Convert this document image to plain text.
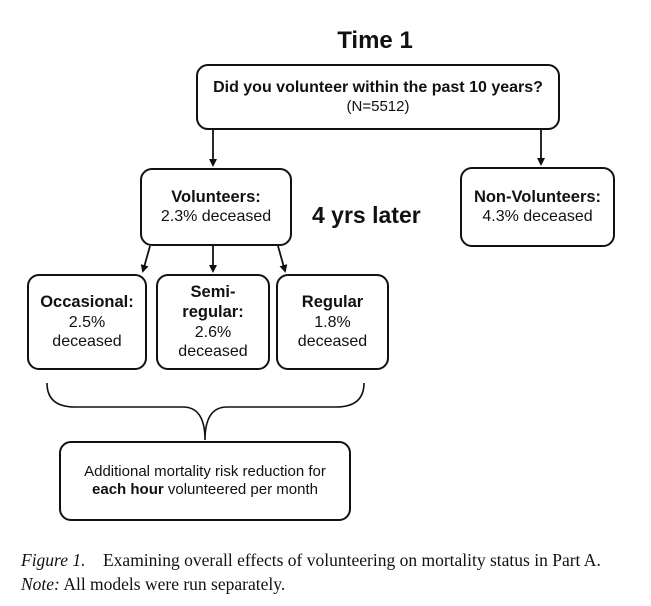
Time 1
Did you volunteer within the past 10 years?
(N=5512)
Volunteers:
2.3% deceased 4 yrs later
Non-Volunteers:
4.3% deceased
Occasional:
2.5%
deceased
Semi-
regular:
2.6%
deceased
Regular
1.8%
deceased
Additional mortality risk reduction for
each hour volunteered per month
Figure 1. Examining overall effects of volunteering on mortality status in Part A. Note: All models were run separately.
